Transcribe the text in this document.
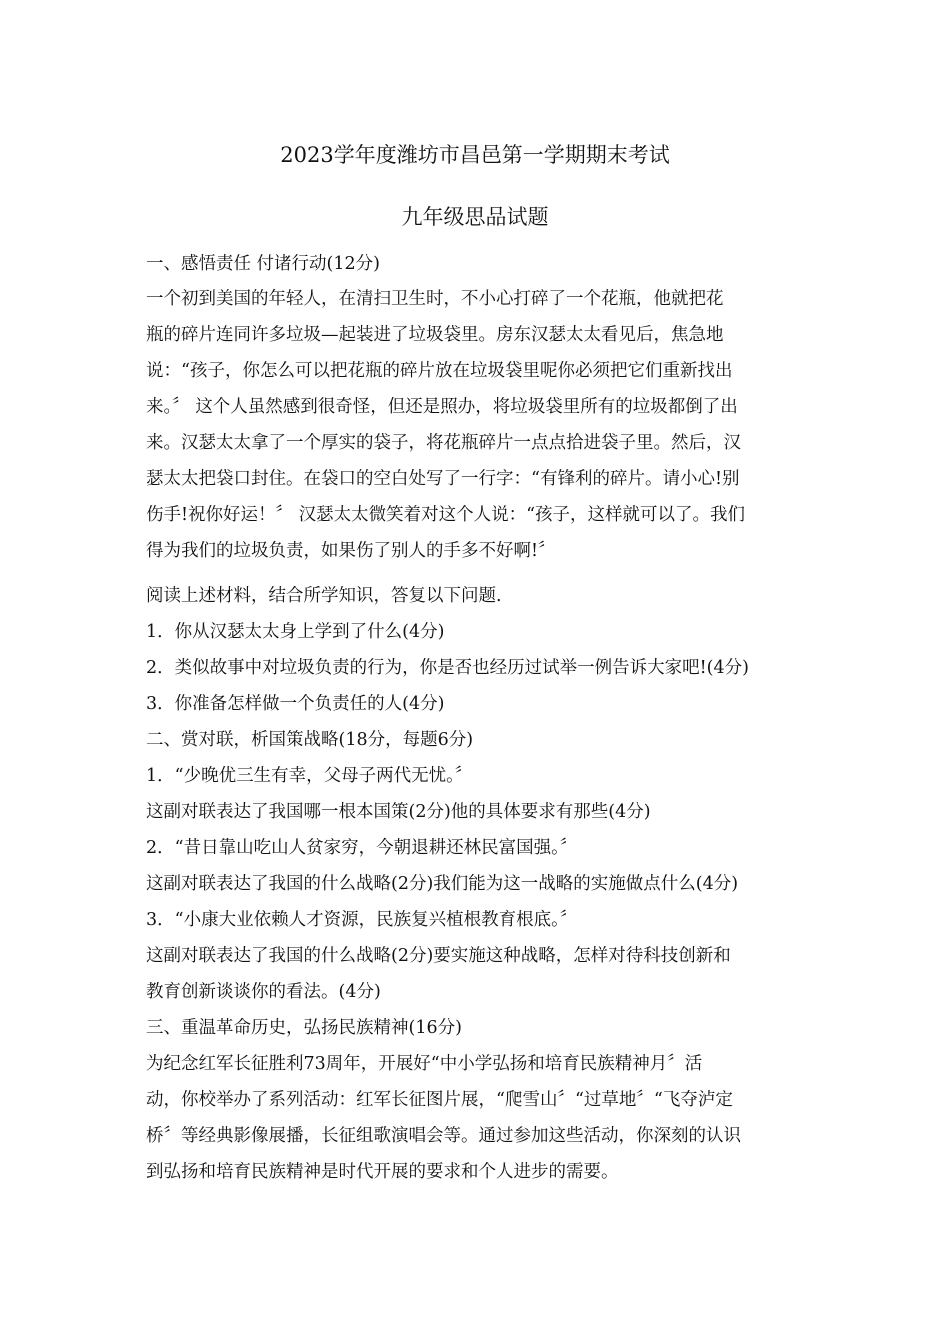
2023学年度潍坊市昌邑第一学期期末考试
九年级思品试题
一、感悟责任 付诸行动(12分)
一个初到美国的年轻人，在清扫卫生时，不小心打碎了一个花瓶，他就把花
瓶的碎片连同许多垃圾—起装进了垃圾袋里。房东汉瑟太太看见后，焦急地
说：“孩子，你怎么可以把花瓶的碎片放在垃圾袋里呢你必须把它们重新找出
来。〞 这个人虽然感到很奇怪，但还是照办，将垃圾袋里所有的垃圾都倒了出
来。汉瑟太太拿了一个厚实的袋子，将花瓶碎片一点点拾进袋子里。然后，汉
瑟太太把袋口封住。在袋口的空白处写了一行字：“有锋利的碎片。请小心!别
伤手!祝你好运！〞 汉瑟太太微笑着对这个人说：“孩子，这样就可以了。我们
得为我们的垃圾负责，如果伤了别人的手多不好啊!〞
阅读上述材料，结合所学知识，答复以下问题.
1．你从汉瑟太太身上学到了什么(4分)
2．类似故事中对垃圾负责的行为，你是否也经历过试举一例告诉大家吧!(4分)
3．你准备怎样做一个负责任的人(4分)
二、赏对联，析国策战略(18分，每题6分)
1．“少晚优三生有幸，父母子两代无忧。〞
这副对联表达了我国哪一根本国策(2分)他的具体要求有那些(4分)
2．“昔日靠山吃山人贫家穷，今朝退耕还林民富国强。〞
这副对联表达了我国的什么战略(2分)我们能为这一战略的实施做点什么(4分)
3．“小康大业依赖人才资源，民族复兴植根教育根底。〞
这副对联表达了我国的什么战略(2分)要实施这种战略，怎样对待科技创新和
教育创新谈谈你的看法。(4分)
三、重温革命历史，弘扬民族精神(16分)
为纪念红军长征胜利73周年，开展好“中小学弘扬和培育民族精神月〞活
动，你校举办了系列活动：红军长征图片展，“爬雪山〞“过草地〞“飞夺泸定
桥〞等经典影像展播，长征组歌演唱会等。通过参加这些活动，你深刻的认识
到弘扬和培育民族精神是时代开展的要求和个人进步的需要。
